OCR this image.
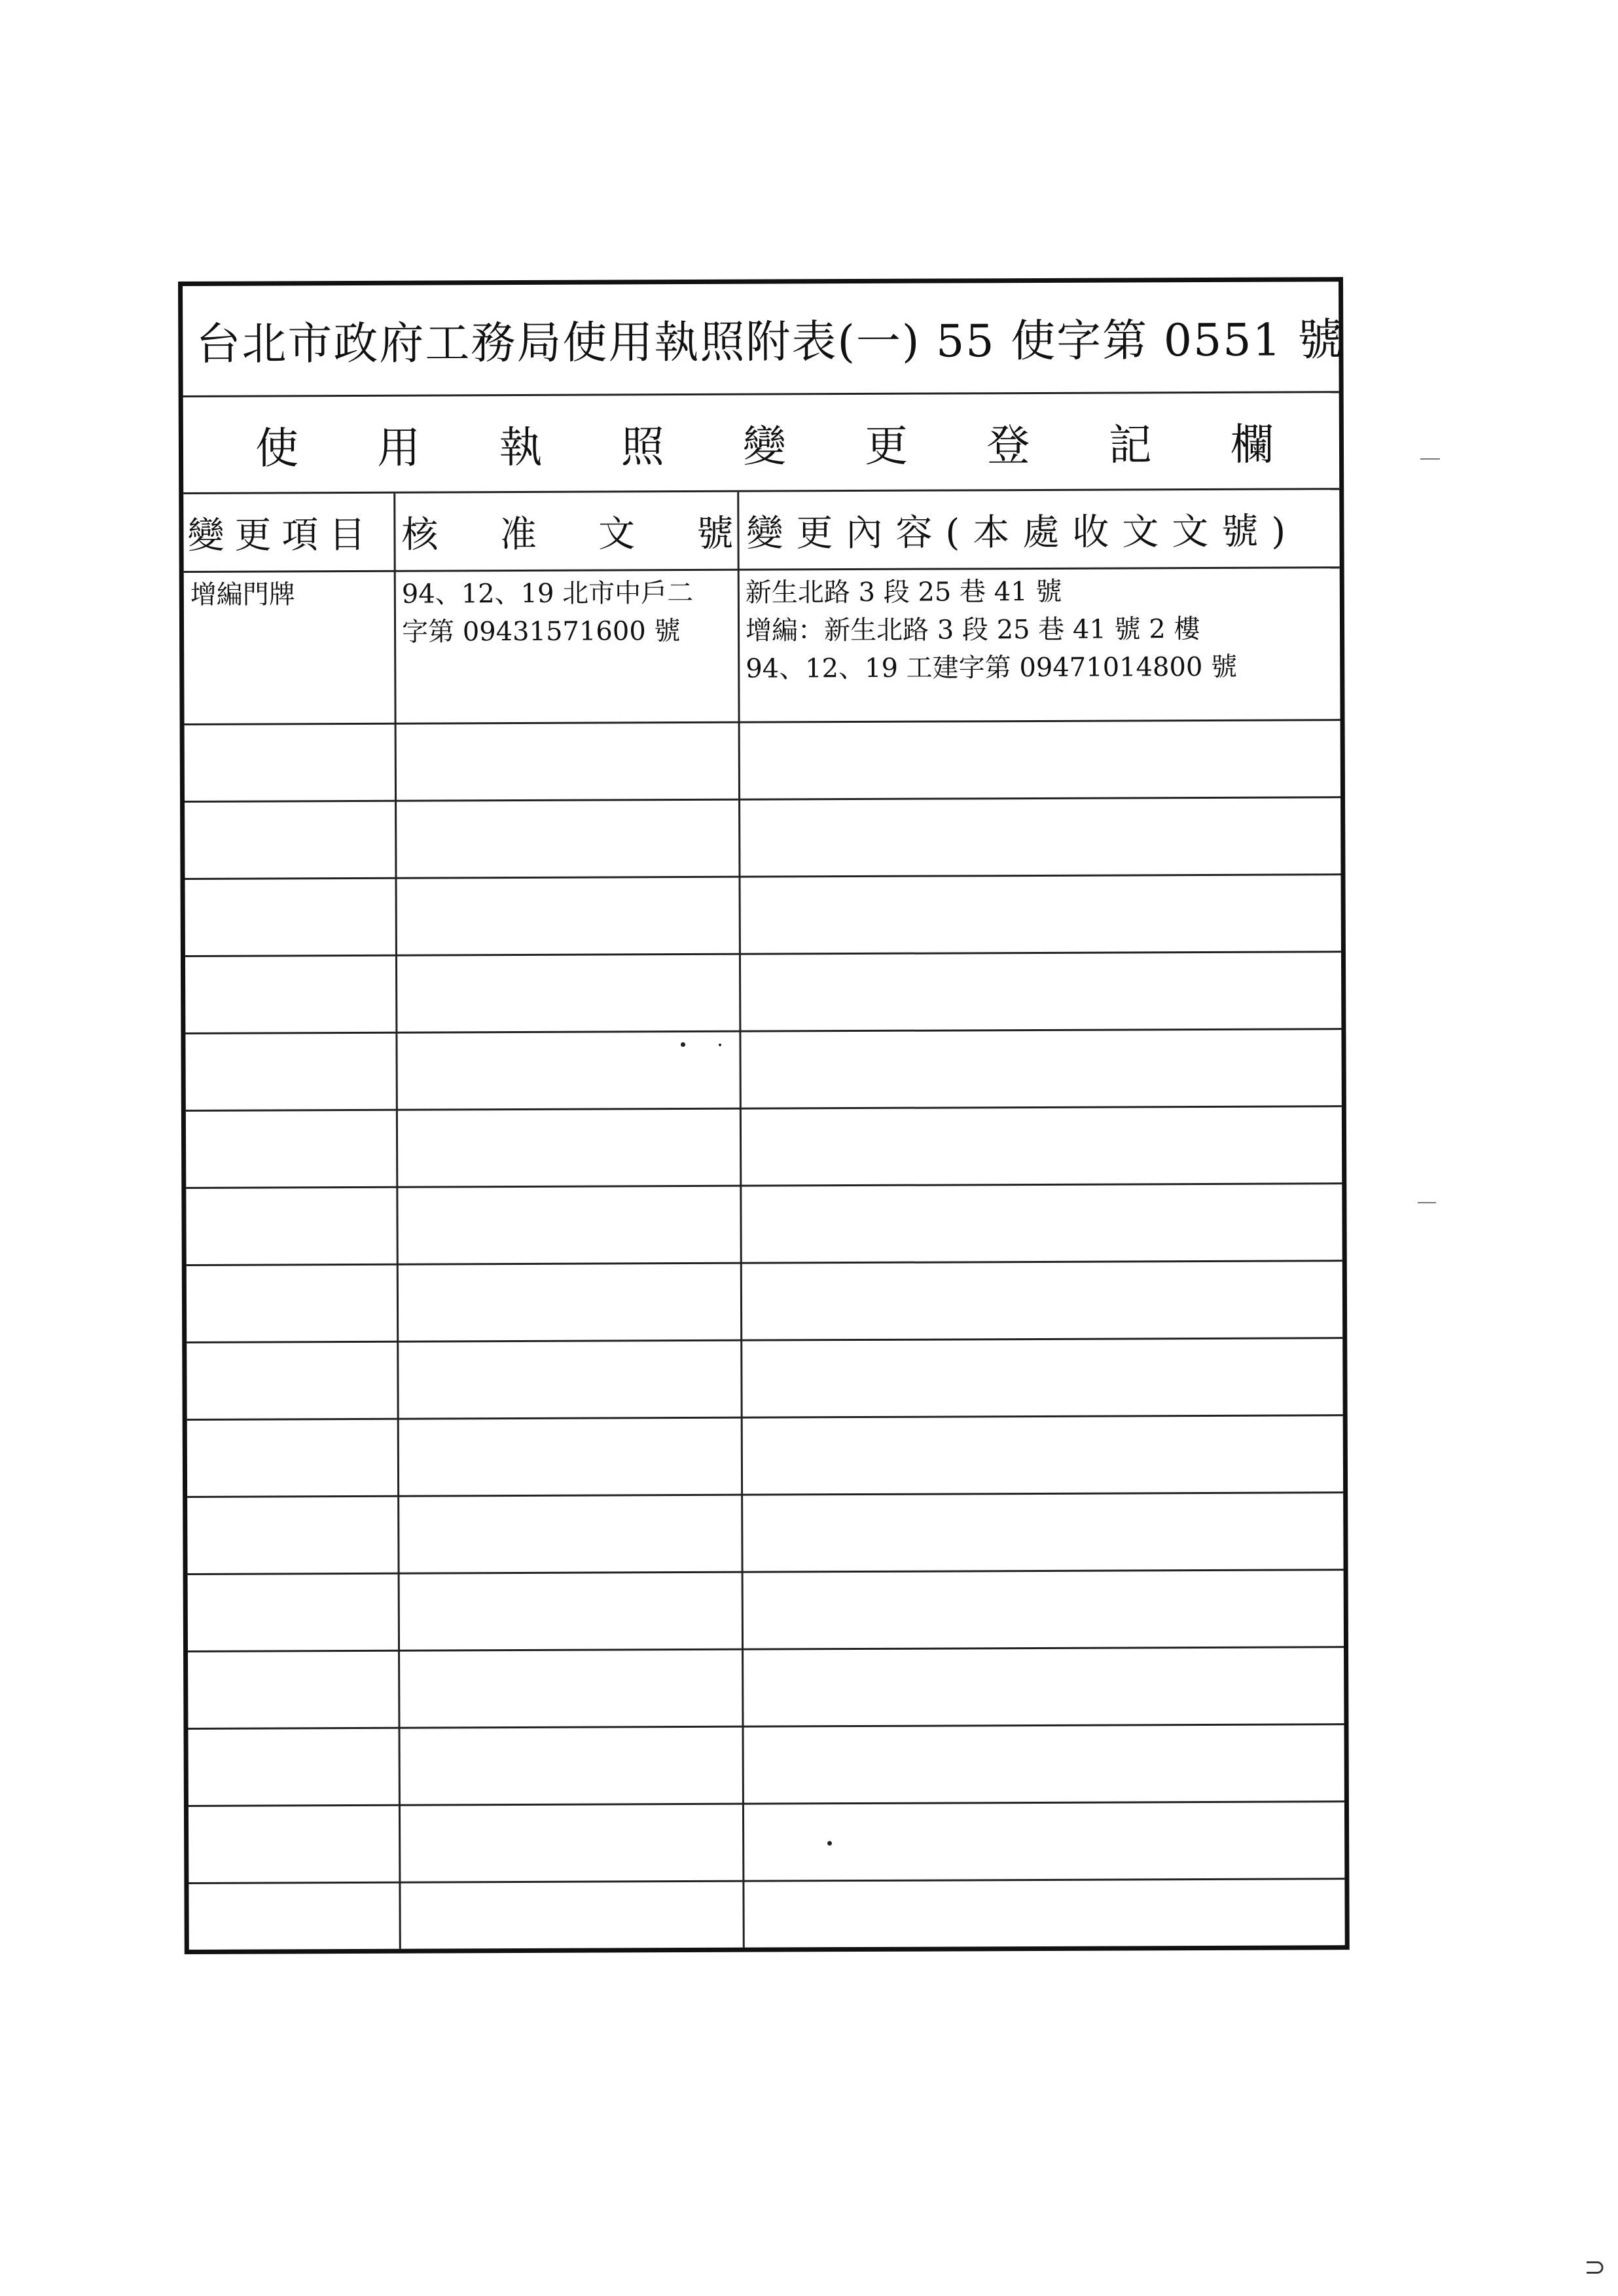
台北市政府工務局使用執照附表(一) 55 使字第 0551 號
使 用 執 照 變 更 登 記 欄
變更項目 核 准 文 號 變更內容(本處收文文號)
增編門牌	94、12、19 北市中戶二
字第 09431571600 號
新生北路 3 段 25 巷 41 號
增編：新生北路 3 段 25 巷 41 號 2 樓
94、12、19 工建字第 09471014800 號
⊃
